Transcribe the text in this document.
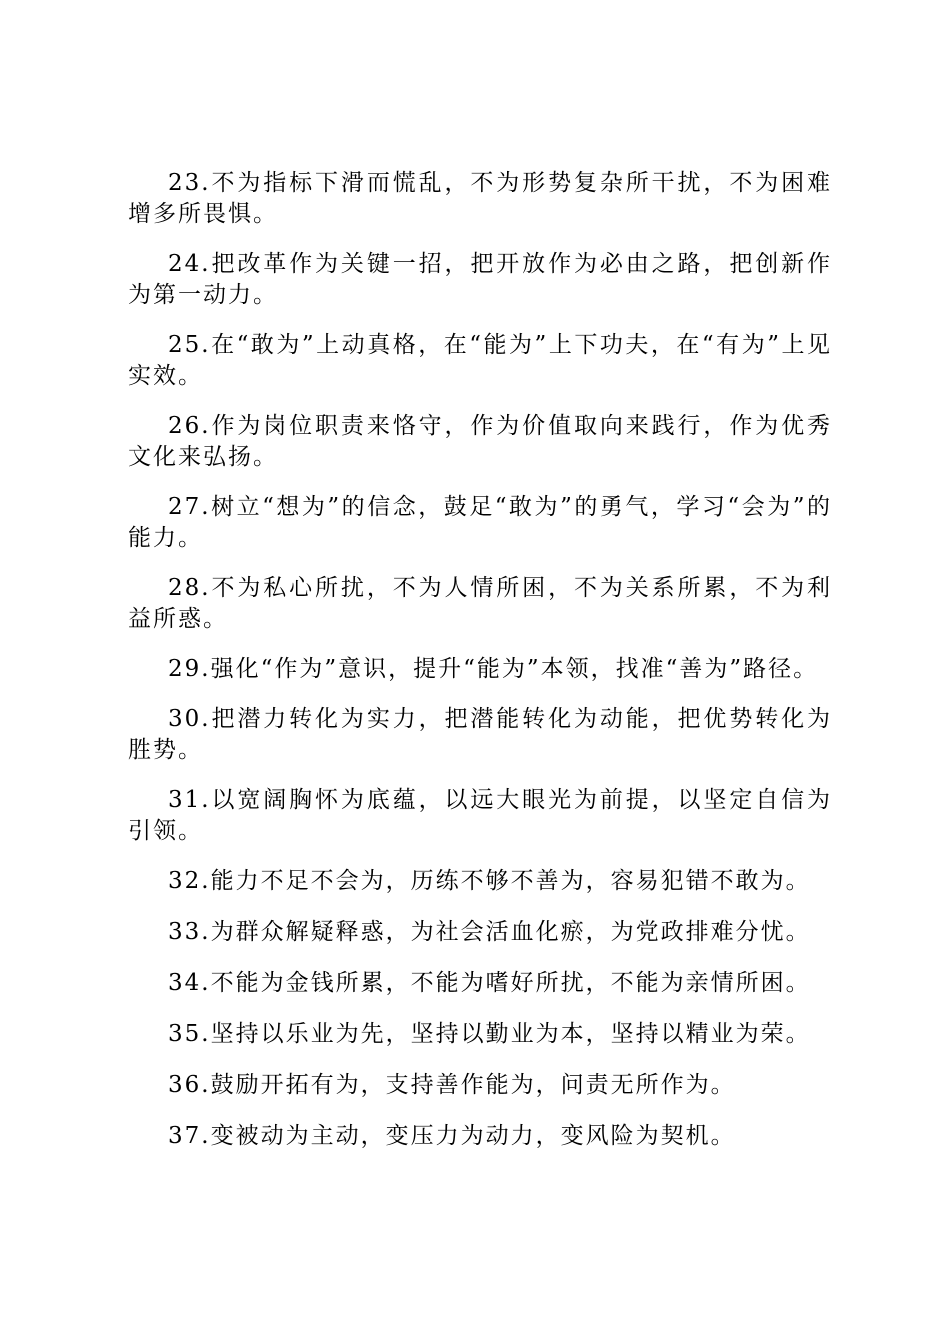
23.不为指标下滑而慌乱，不为形势复杂所干扰，不为困难增多所畏惧。

24.把改革作为关键一招，把开放作为必由之路，把创新作为第一动力。

25.在“敢为”上动真格，在“能为”上下功夫，在“有为”上见实效。

26.作为岗位职责来恪守，作为价值取向来践行，作为优秀文化来弘扬。

27.树立“想为”的信念，鼓足“敢为”的勇气，学习“会为”的能力。

28.不为私心所扰，不为人情所困，不为关系所累，不为利益所惑。

29.强化“作为”意识，提升“能为”本领，找准“善为”路径。

30.把潜力转化为实力，把潜能转化为动能，把优势转化为胜势。

31.以宽阔胸怀为底蕴，以远大眼光为前提，以坚定自信为引领。

32.能力不足不会为，历练不够不善为，容易犯错不敢为。

33.为群众解疑释惑，为社会活血化瘀，为党政排难分忧。

34.不能为金钱所累，不能为嗜好所扰，不能为亲情所困。

35.坚持以乐业为先，坚持以勤业为本，坚持以精业为荣。

36.鼓励开拓有为，支持善作能为，问责无所作为。

37.变被动为主动，变压力为动力，变风险为契机。
